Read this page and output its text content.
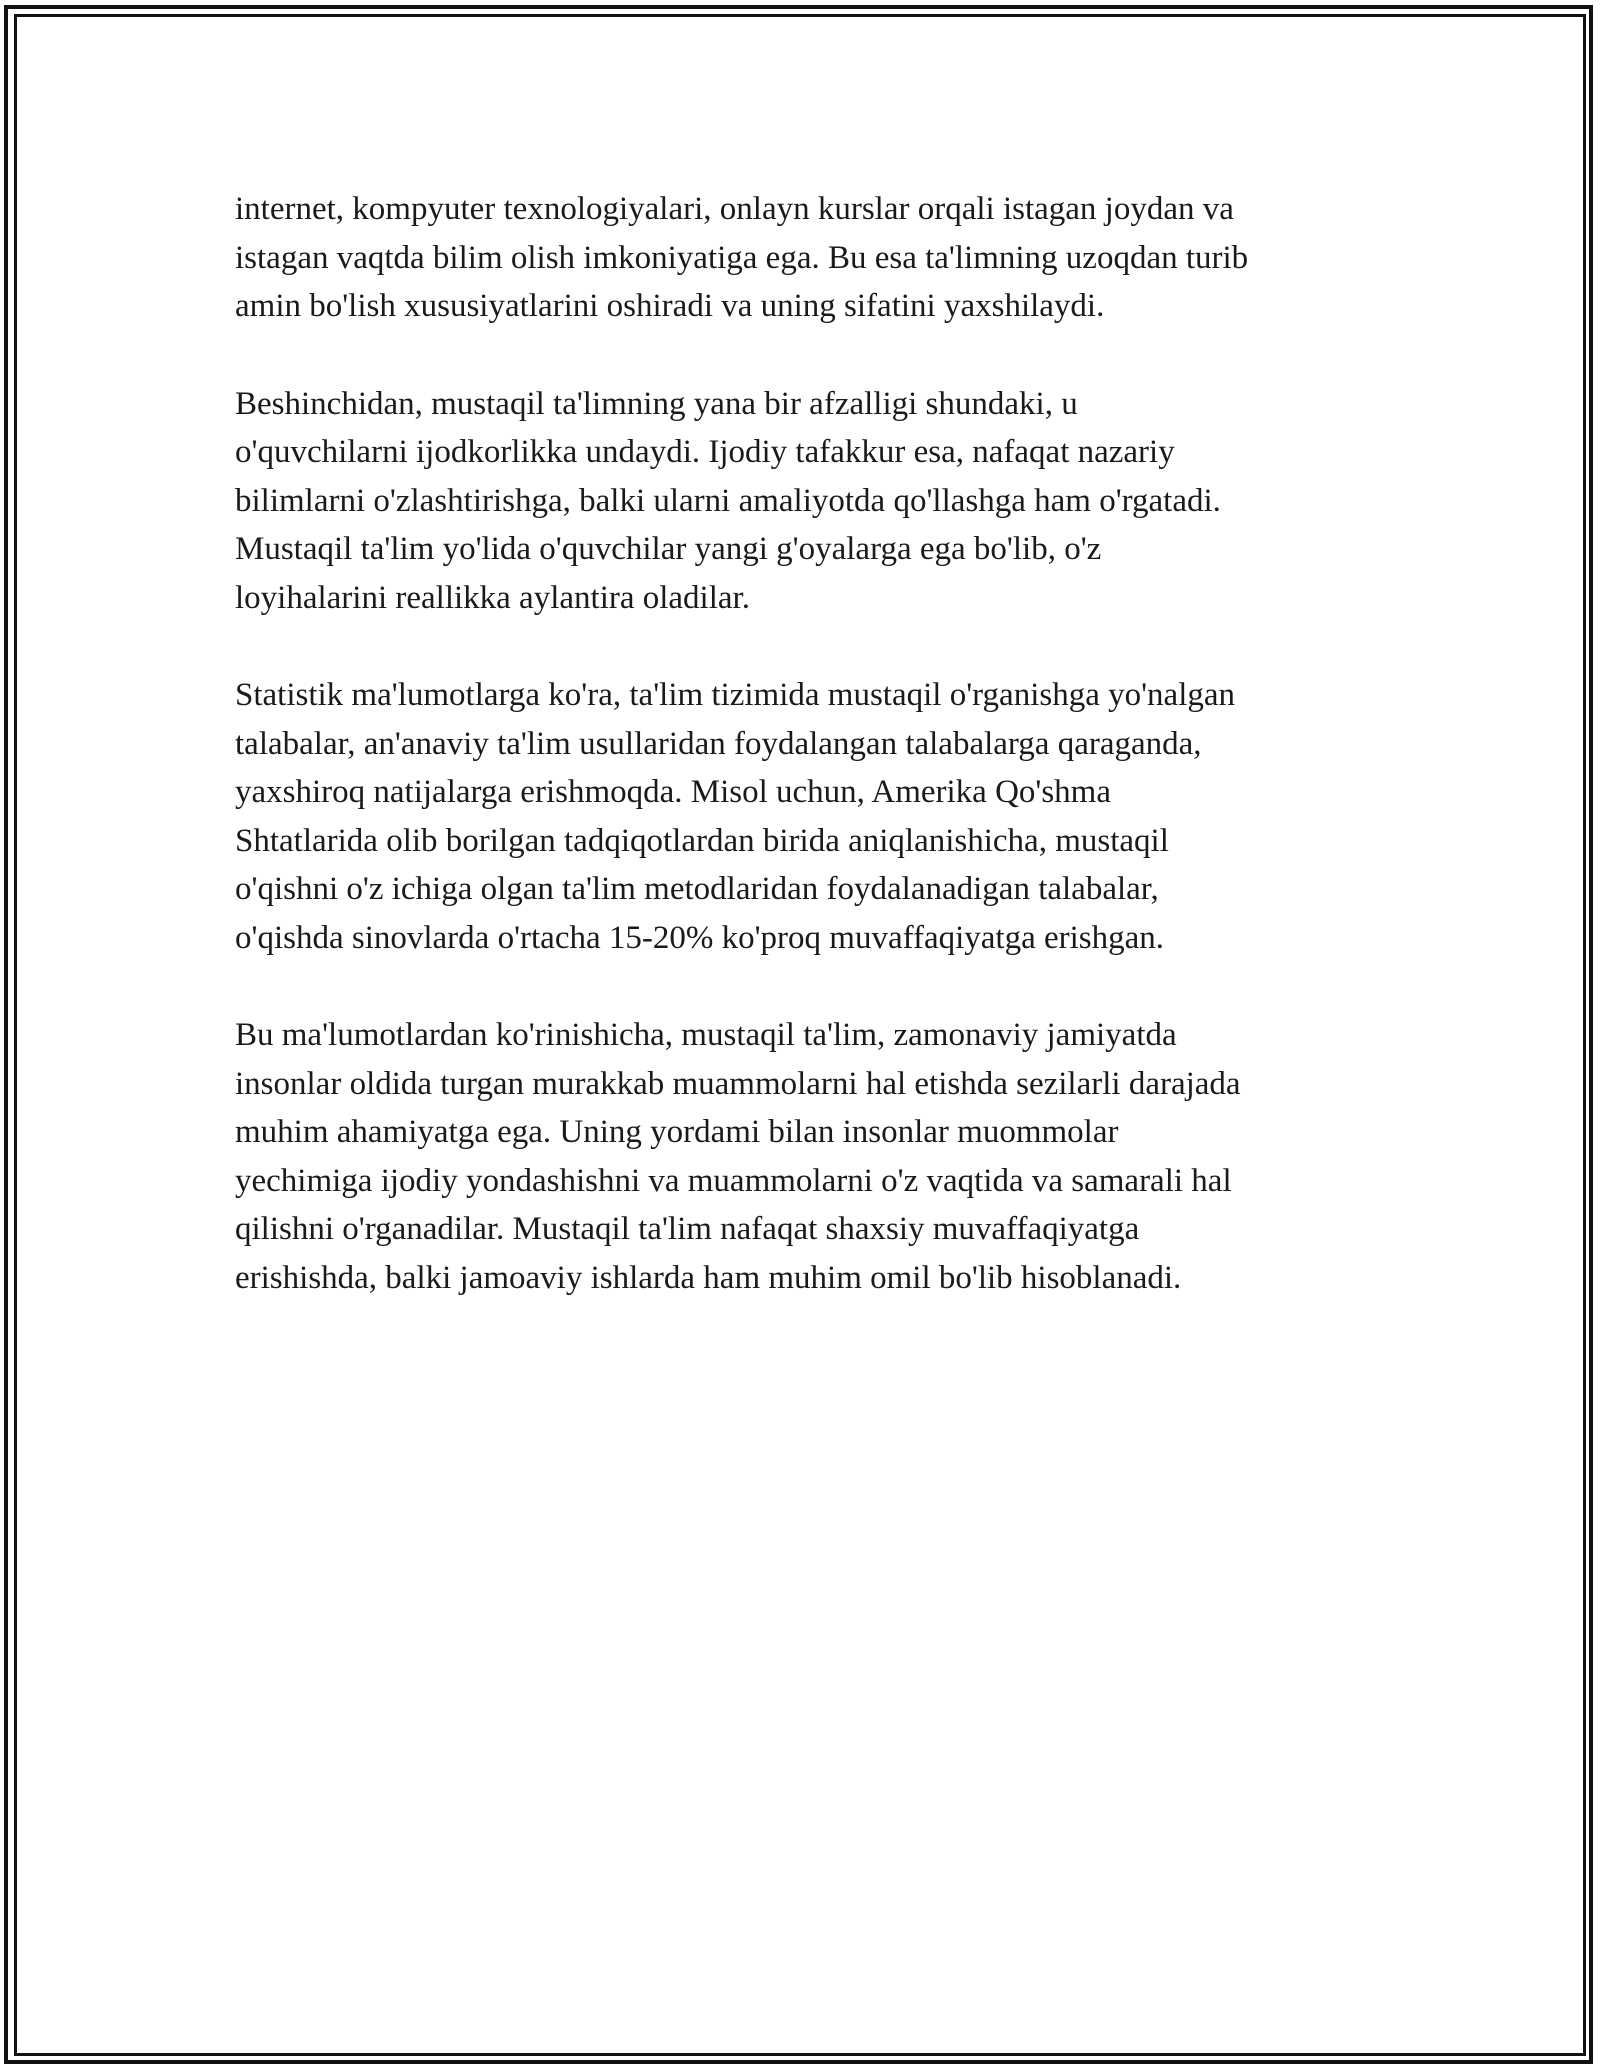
internet, kompyuter texnologiyalari, onlayn kurslar orqali istagan joydan va
istagan vaqtda bilim olish imkoniyatiga ega. Bu esa ta'limning uzoqdan turib
amin bo'lish xususiyatlarini oshiradi va uning sifatini yaxshilaydi.

Beshinchidan, mustaqil ta'limning yana bir afzalligi shundaki, u
o'quvchilarni ijodkorlikka undaydi. Ijodiy tafakkur esa, nafaqat nazariy
bilimlarni o'zlashtirishga, balki ularni amaliyotda qo'llashga ham o'rgatadi.
Mustaqil ta'lim yo'lida o'quvchilar yangi g'oyalarga ega bo'lib, o'z
loyihalarini reallikka aylantira oladilar.

Statistik ma'lumotlarga ko'ra, ta'lim tizimida mustaqil o'rganishga yo'nalgan
talabalar, an'anaviy ta'lim usullaridan foydalangan talabalarga qaraganda,
yaxshiroq natijalarga erishmoqda. Misol uchun, Amerika Qo'shma
Shtatlarida olib borilgan tadqiqotlardan birida aniqlanishicha, mustaqil
o'qishni o'z ichiga olgan ta'lim metodlaridan foydalanadigan talabalar,
o'qishda sinovlarda o'rtacha 15-20% ko'proq muvaffaqiyatga erishgan.

Bu ma'lumotlardan ko'rinishicha, mustaqil ta'lim, zamonaviy jamiyatda
insonlar oldida turgan murakkab muammolarni hal etishda sezilarli darajada
muhim ahamiyatga ega. Uning yordami bilan insonlar muommolar
yechimiga ijodiy yondashishni va muammolarni o'z vaqtida va samarali hal
qilishni o'rganadilar. Mustaqil ta'lim nafaqat shaxsiy muvaffaqiyatga
erishishda, balki jamoaviy ishlarda ham muhim omil bo'lib hisoblanadi.
